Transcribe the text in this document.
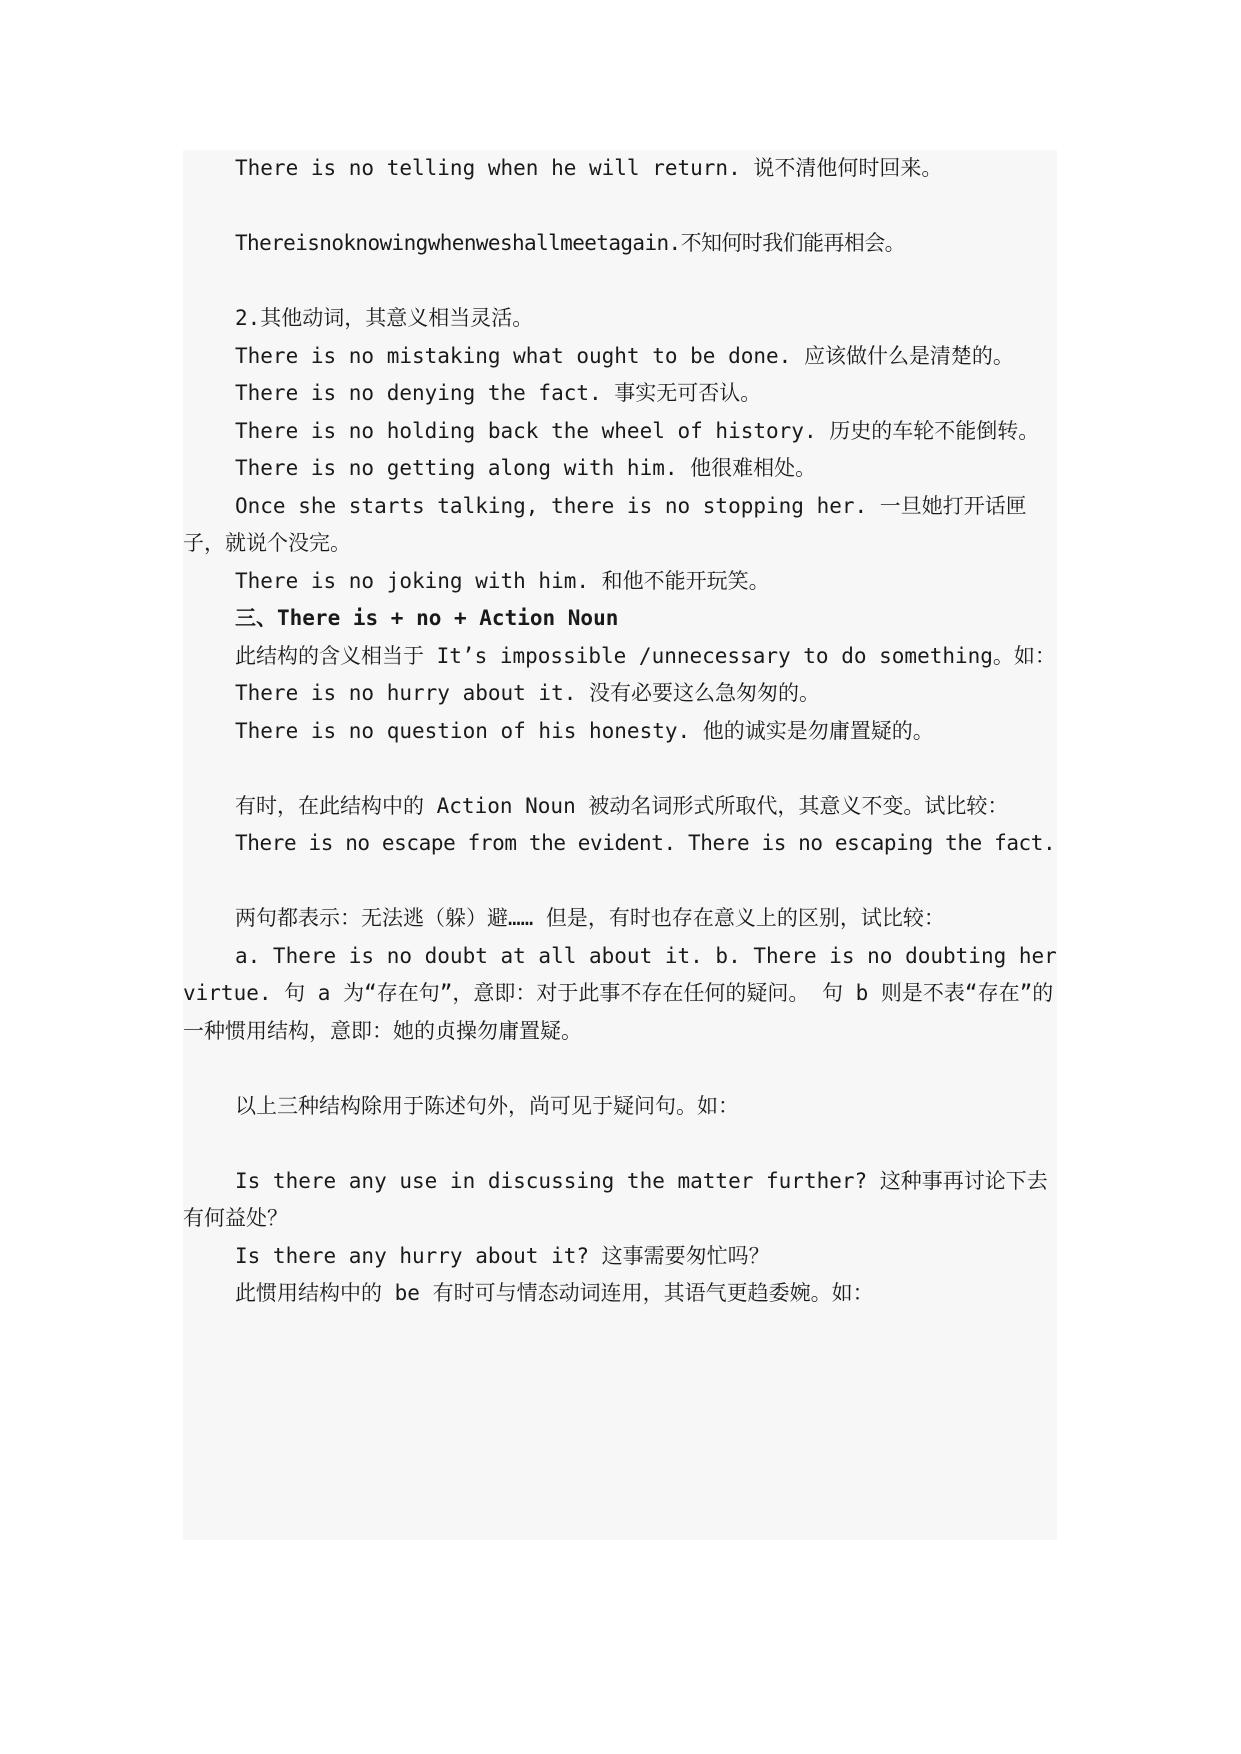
There is no telling when he will return. 说不清他何时回来。

Thereisnoknowingwhenweshallmeetagain.不知何时我们能再相会。

2.其他动词，其意义相当灵活。

There is no mistaking what ought to be done. 应该做什么是清楚的。

There is no denying the fact. 事实无可否认。

There is no holding back the wheel of history. 历史的车轮不能倒转。

There is no getting along with him. 他很难相处。

Once she starts talking, there is no stopping her. 一旦她打开话匣子，就说个没完。

There is no joking with him. 和他不能开玩笑。

三、There is + no + Action Noun

此结构的含义相当于 It’s impossible /unnecessary to do something。如：

There is no hurry about it. 没有必要这么急匆匆的。

There is no question of his honesty. 他的诚实是勿庸置疑的。

有时，在此结构中的 Action Noun 被动名词形式所取代，其意义不变。试比较：

There is no escape from the evident. There is no escaping the fact.

两句都表示：无法逃（躲）避…… 但是，有时也存在意义上的区别，试比较：

a. There is no doubt at all about it. b. There is no doubting her virtue. 句 a 为“存在句”，意即：对于此事不存在任何的疑问。 句 b 则是不表“存在”的一种惯用结构，意即：她的贞操勿庸置疑。

以上三种结构除用于陈述句外，尚可见于疑问句。如：

Is there any use in discussing the matter further? 这种事再讨论下去有何益处？

Is there any hurry about it? 这事需要匆忙吗？

此惯用结构中的 be 有时可与情态动词连用，其语气更趋委婉。如：
